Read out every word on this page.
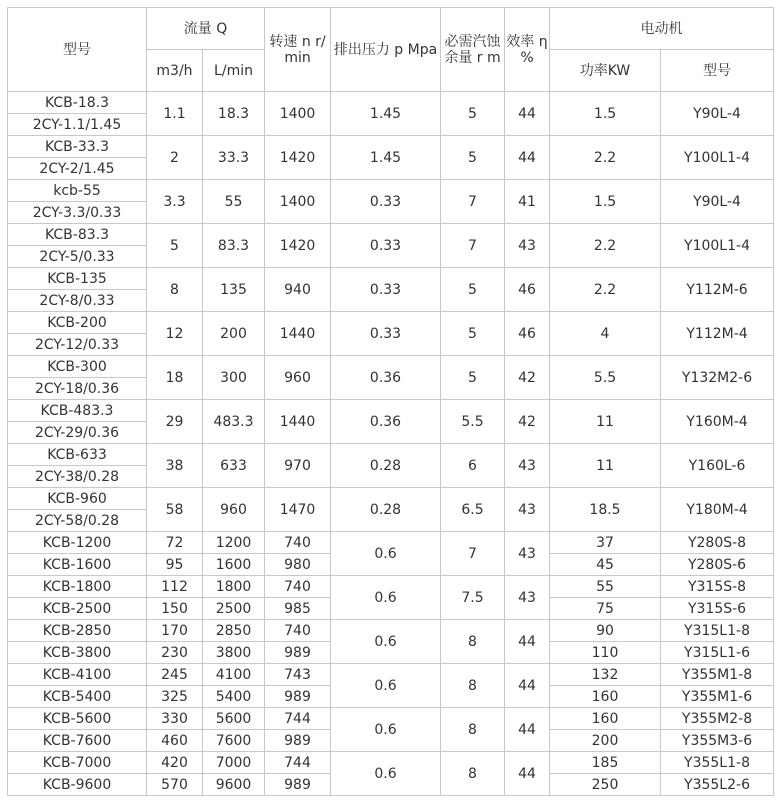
型号	流量 Q		转速 n r/min	排出压力 p Mpa	必需汽蚀余量 r m	效率 η %	电动机	
	m3/h	L/min					功率KW	型号
KCB-18.3	1.1	18.3	1400	1.45	5	44	1.5	Y90L-4
2CY-1.1/1.45								
KCB-33.3	2	33.3	1420	1.45	5	44	2.2	Y100L1-4
2CY-2/1.45								
kcb-55	3.3	55	1400	0.33	7	41	1.5	Y90L-4
2CY-3.3/0.33								
KCB-83.3	5	83.3	1420	0.33	7	43	2.2	Y100L1-4
2CY-5/0.33								
KCB-135	8	135	940	0.33	5	46	2.2	Y112M-6
2CY-8/0.33								
KCB-200	12	200	1440	0.33	5	46	4	Y112M-4
2CY-12/0.33								
KCB-300	18	300	960	0.36	5	42	5.5	Y132M2-6
2CY-18/0.36								
KCB-483.3	29	483.3	1440	0.36	5.5	42	11	Y160M-4
2CY-29/0.36								
KCB-633	38	633	970	0.28	6	43	11	Y160L-6
2CY-38/0.28								
KCB-960	58	960	1470	0.28	6.5	43	18.5	Y180M-4
2CY-58/0.28								
KCB-1200	72	1200	740	0.6	7	43	37	Y280S-8
KCB-1600	95	1600	980				45	Y280S-6
KCB-1800	112	1800	740	0.6	7.5	43	55	Y315S-8
KCB-2500	150	2500	985				75	Y315S-6
KCB-2850	170	2850	740	0.6	8	44	90	Y315L1-8
KCB-3800	230	3800	989				110	Y315L1-6
KCB-4100	245	4100	743	0.6	8	44	132	Y355M1-8
KCB-5400	325	5400	989				160	Y355M1-6
KCB-5600	330	5600	744	0.6	8	44	160	Y355M2-8
KCB-7600	460	7600	989				200	Y355M3-6
KCB-7000	420	7000	744	0.6	8	44	185	Y355L1-8
KCB-9600	570	9600	989				250	Y355L2-6
